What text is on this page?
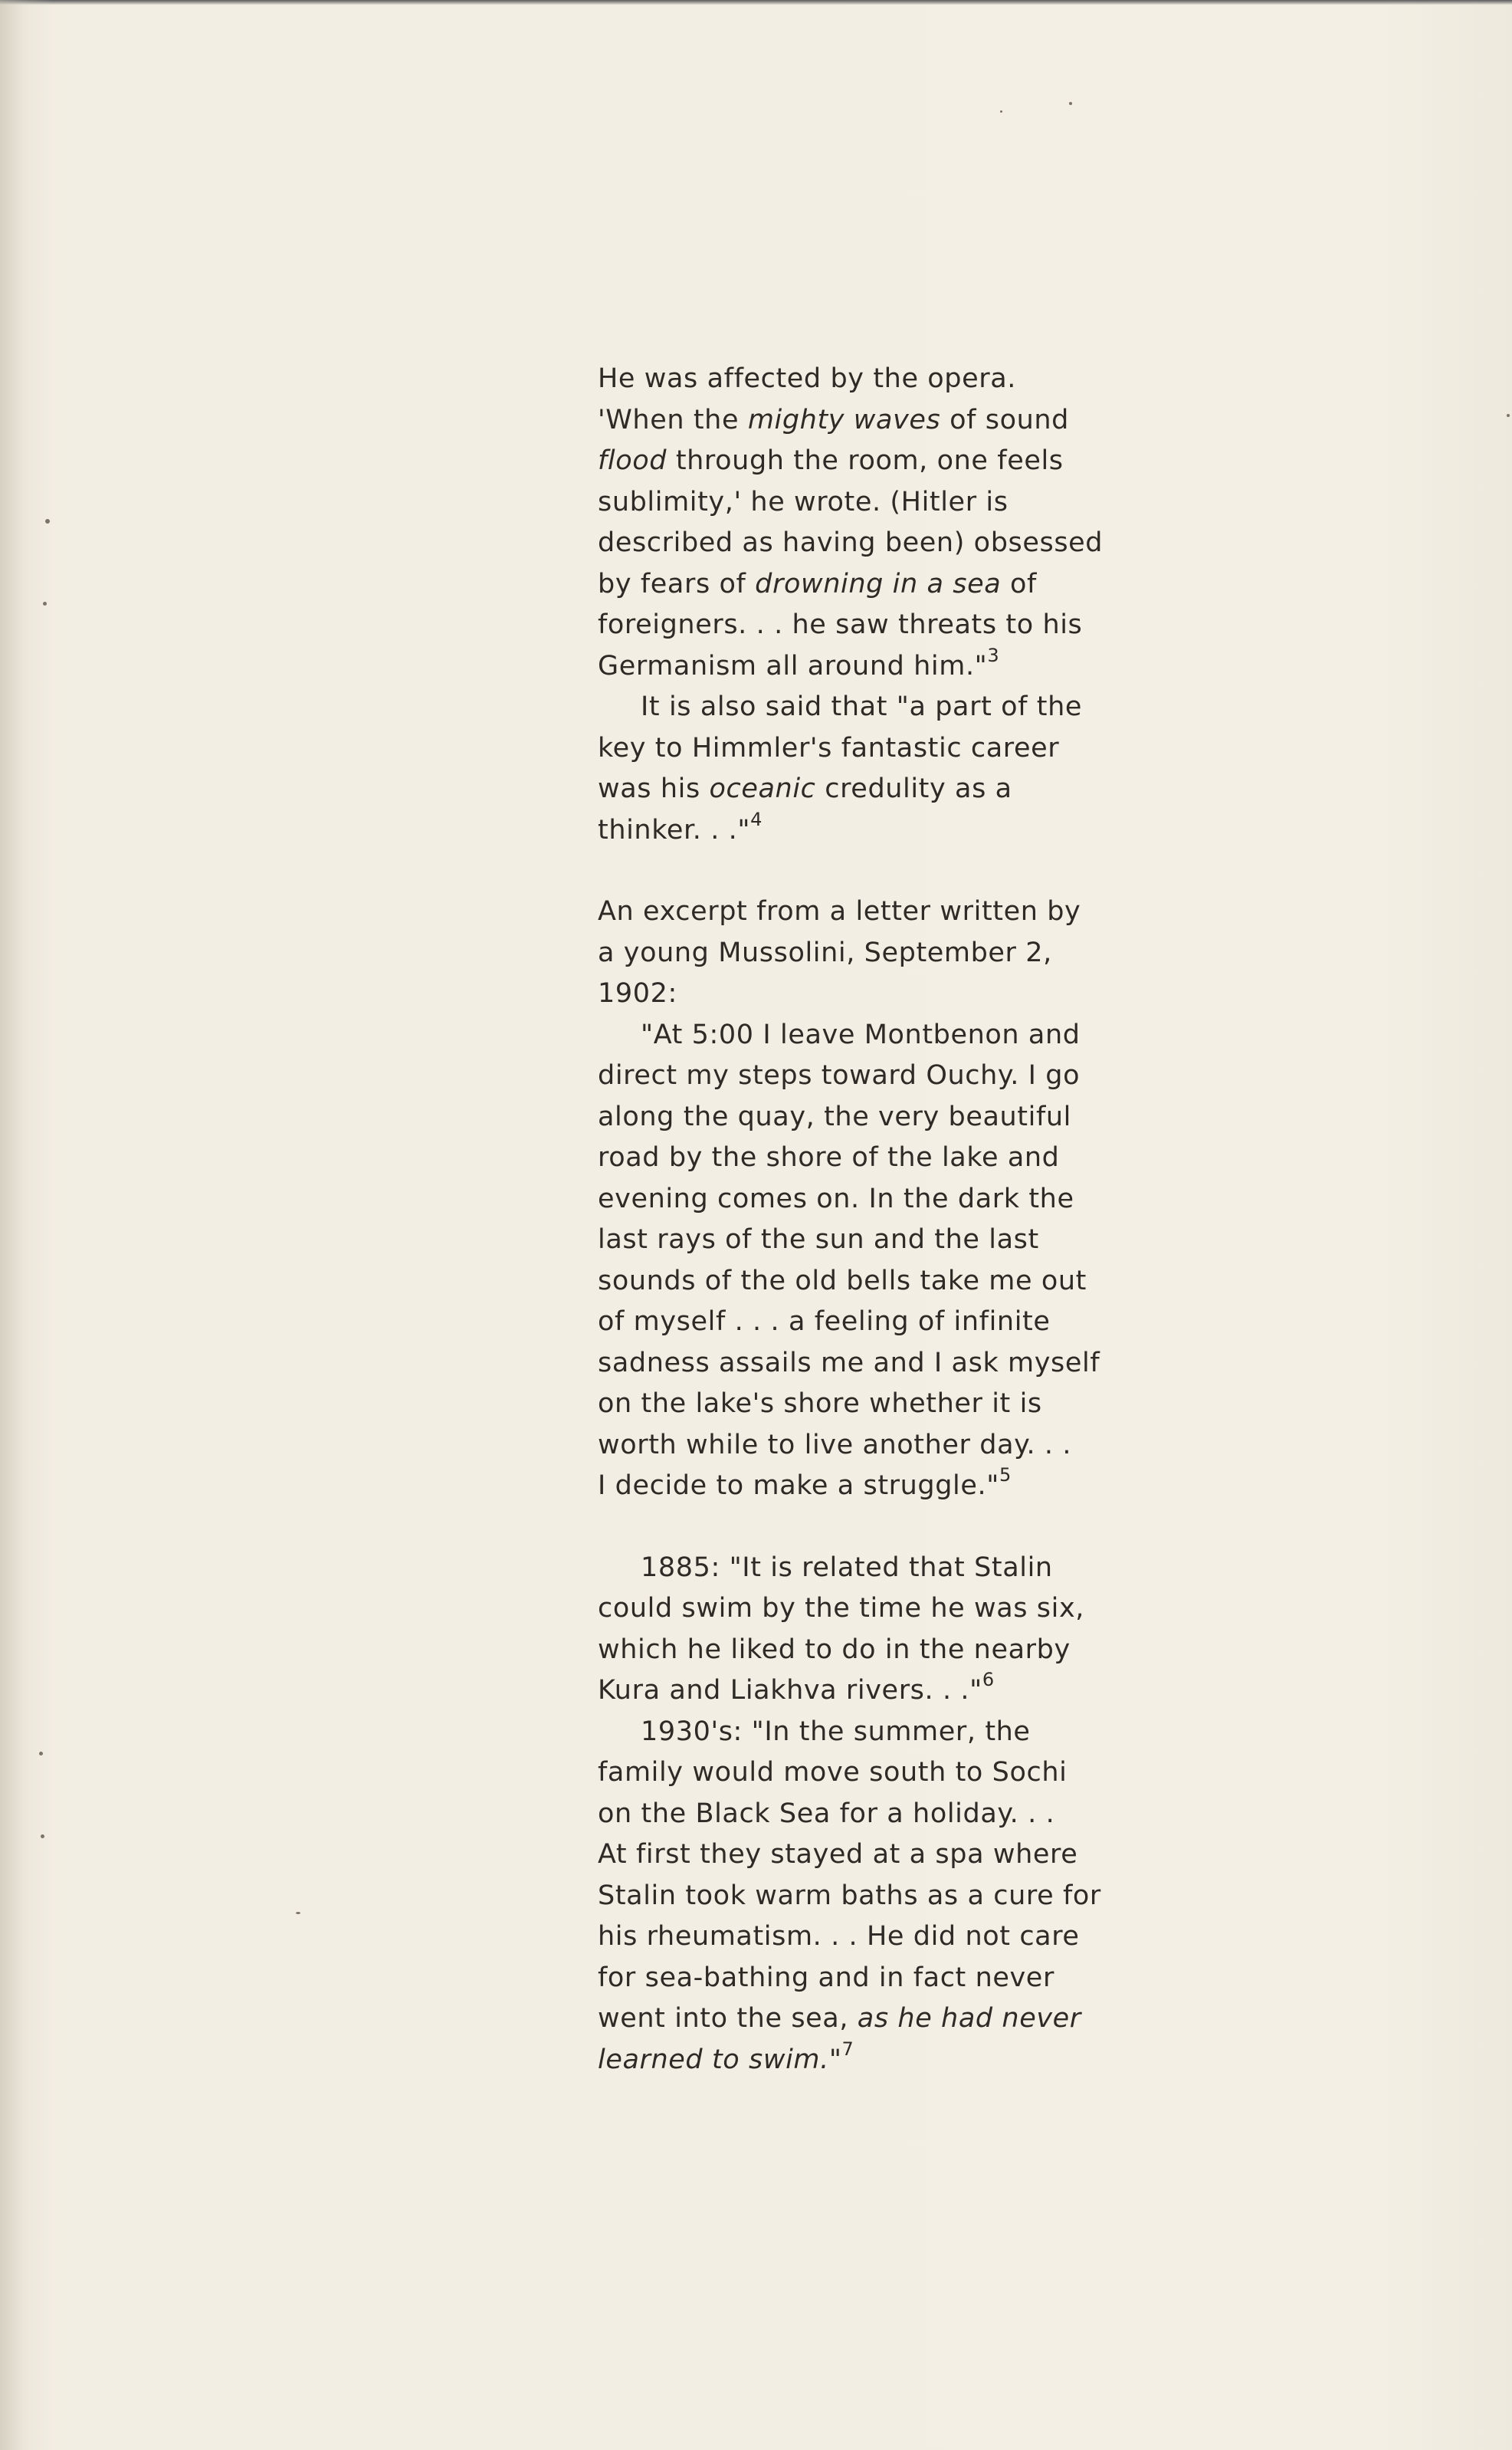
He was affected by the opera.
'When the mighty waves of sound
flood through the room, one feels
sublimity,' he wrote. (Hitler is
described as having been) obsessed
by fears of drowning in a sea of
foreigners. . . he saw threats to his
Germanism all around him."$^3$
It is also said that "a part of the
key to Himmler's fantastic career
was his oceanic credulity as a
thinker. . ."$^4$
An excerpt from a letter written by
a young Mussolini, September 2,
1902:
"At 5:00 I leave Montbenon and
direct my steps toward Ouchy. I go
along the quay, the very beautiful
road by the shore of the lake and
evening comes on. In the dark the
last rays of the sun and the last
sounds of the old bells take me out
of myself . . . a feeling of infinite
sadness assails me and I ask myself
on the lake's shore whether it is
worth while to live another day. . .
I decide to make a struggle."$^5$
1885: "It is related that Stalin
could swim by the time he was six,
which he liked to do in the nearby
Kura and Liakhva rivers. . ."$^6$
1930's: "In the summer, the
family would move south to Sochi
on the Black Sea for a holiday. . .
At first they stayed at a spa where
Stalin took warm baths as a cure for
his rheumatism. . . He did not care
for sea-bathing and in fact never
went into the sea, as he had never
learned to swim."$^7$
